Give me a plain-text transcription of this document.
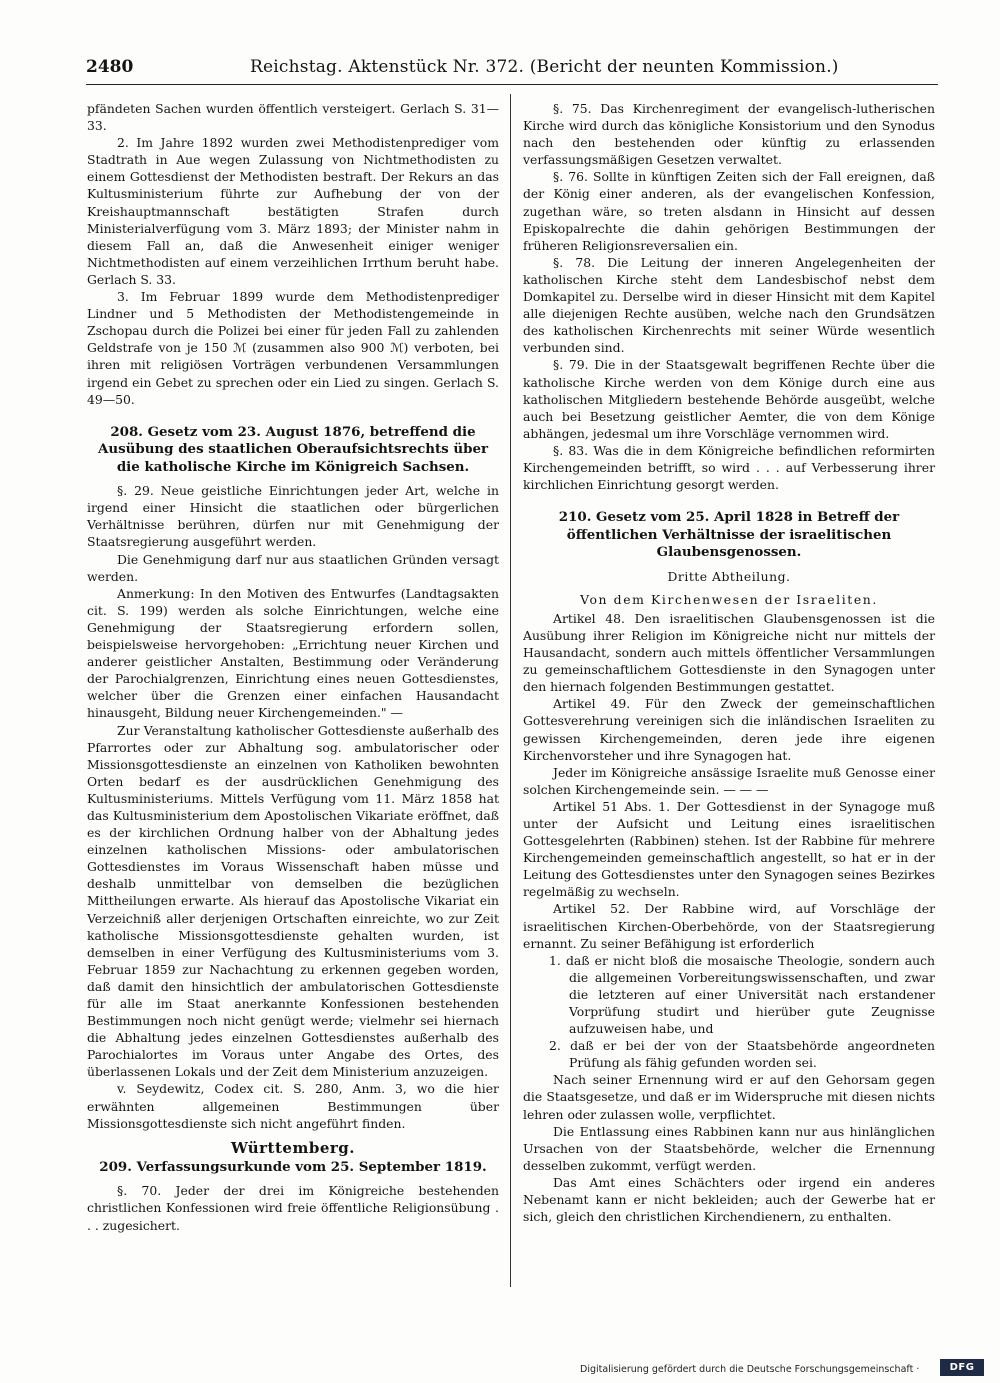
2480	Reichstag. Aktenstück Nr. 372. (Bericht der neunten Kommission.)

pfändeten Sachen wurden öffentlich versteigert. Gerlach S. 31—33.

2. Im Jahre 1892 wurden zwei Methodistenprediger vom Stadtrath in Aue wegen Zulassung von Nichtmethodisten zu einem Gottesdienst der Methodisten bestraft. Der Rekurs an das Kultusministerium führte zur Aufhebung der von der Kreishauptmannschaft bestätigten Strafen durch Ministerialverfügung vom 3. März 1893; der Minister nahm in diesem Fall an, daß die Anwesenheit einiger weniger Nichtmethodisten auf einem verzeihlichen Irrthum beruht habe. Gerlach S. 33.

3. Im Februar 1899 wurde dem Methodistenprediger Lindner und 5 Methodisten der Methodistengemeinde in Zschopau durch die Polizei bei einer für jeden Fall zu zahlenden Geldstrafe von je 150 ℳ (zusammen also 900 ℳ) verboten, bei ihren mit religiösen Vorträgen verbundenen Versammlungen irgend ein Gebet zu sprechen oder ein Lied zu singen. Gerlach S. 49—50.

208. Gesetz vom 23. August 1876, betreffend die Ausübung des staatlichen Oberaufsichtsrechts über die katholische Kirche im Königreich Sachsen.

§. 29. Neue geistliche Einrichtungen jeder Art, welche in irgend einer Hinsicht die staatlichen oder bürgerlichen Verhältnisse berühren, dürfen nur mit Genehmigung der Staatsregierung ausgeführt werden.

Die Genehmigung darf nur aus staatlichen Gründen versagt werden.

Anmerkung: In den Motiven des Entwurfes (Landtagsakten cit. S. 199) werden als solche Einrichtungen, welche eine Genehmigung der Staatsregierung erfordern sollen, beispielsweise hervorgehoben: „Errichtung neuer Kirchen und anderer geistlicher Anstalten, Bestimmung oder Veränderung der Parochialgrenzen, Einrichtung eines neuen Gottesdienstes, welcher über die Grenzen einer einfachen Hausandacht hinausgeht, Bildung neuer Kirchengemeinden." —

Zur Veranstaltung katholischer Gottesdienste außerhalb des Pfarrortes oder zur Abhaltung sog. ambulatorischer oder Missionsgottesdienste an einzelnen von Katholiken bewohnten Orten bedarf es der ausdrücklichen Genehmigung des Kultusministeriums. Mittels Verfügung vom 11. März 1858 hat das Kultusministerium dem Apostolischen Vikariate eröffnet, daß es der kirchlichen Ordnung halber von der Abhaltung jedes einzelnen katholischen Missions- oder ambulatorischen Gottesdienstes im Voraus Wissenschaft haben müsse und deshalb unmittelbar von demselben die bezüglichen Mittheilungen erwarte. Als hierauf das Apostolische Vikariat ein Verzeichniß aller derjenigen Ortschaften einreichte, wo zur Zeit katholische Missionsgottesdienste gehalten wurden, ist demselben in einer Verfügung des Kultusministeriums vom 3. Februar 1859 zur Nachachtung zu erkennen gegeben worden, daß damit den hinsichtlich der ambulatorischen Gottesdienste für alle im Staat anerkannte Konfessionen bestehenden Bestimmungen noch nicht genügt werde; vielmehr sei hiernach die Abhaltung jedes einzelnen Gottesdienstes außerhalb des Parochialortes im Voraus unter Angabe des Ortes, des überlassenen Lokals und der Zeit dem Ministerium anzuzeigen.

v. Seydewitz, Codex cit. S. 280, Anm. 3, wo die hier erwähnten allgemeinen Bestimmungen über Missionsgottesdienste sich nicht angeführt finden.

Württemberg.

209. Verfassungsurkunde vom 25. September 1819.

§. 70. Jeder der drei im Königreiche bestehenden christlichen Konfessionen wird freie öffentliche Religionsübung . . . zugesichert.

§. 75. Das Kirchenregiment der evangelisch-lutherischen Kirche wird durch das königliche Konsistorium und den Synodus nach den bestehenden oder künftig zu erlassenden verfassungsmäßigen Gesetzen verwaltet.

§. 76. Sollte in künftigen Zeiten sich der Fall ereignen, daß der König einer anderen, als der evangelischen Konfession, zugethan wäre, so treten alsdann in Hinsicht auf dessen Episkopalrechte die dahin gehörigen Bestimmungen der früheren Religionsreversalien ein.

§. 78. Die Leitung der inneren Angelegenheiten der katholischen Kirche steht dem Landesbischof nebst dem Domkapitel zu. Derselbe wird in dieser Hinsicht mit dem Kapitel alle diejenigen Rechte ausüben, welche nach den Grundsätzen des katholischen Kirchenrechts mit seiner Würde wesentlich verbunden sind.

§. 79. Die in der Staatsgewalt begriffenen Rechte über die katholische Kirche werden von dem Könige durch eine aus katholischen Mitgliedern bestehende Behörde ausgeübt, welche auch bei Besetzung geistlicher Aemter, die von dem Könige abhängen, jedesmal um ihre Vorschläge vernommen wird.

§. 83. Was die in dem Königreiche befindlichen reformirten Kirchengemeinden betrifft, so wird . . . auf Verbesserung ihrer kirchlichen Einrichtung gesorgt werden.

210. Gesetz vom 25. April 1828 in Betreff der öffentlichen Verhältnisse der israelitischen Glaubensgenossen.

Dritte Abtheilung.

Von dem Kirchenwesen der Israeliten.

Artikel 48. Den israelitischen Glaubensgenossen ist die Ausübung ihrer Religion im Königreiche nicht nur mittels der Hausandacht, sondern auch mittels öffentlicher Versammlungen zu gemeinschaftlichem Gottesdienste in den Synagogen unter den hiernach folgenden Bestimmungen gestattet.

Artikel 49. Für den Zweck der gemeinschaftlichen Gottesverehrung vereinigen sich die inländischen Israeliten zu gewissen Kirchengemeinden, deren jede ihre eigenen Kirchenvorsteher und ihre Synagogen hat.

Jeder im Königreiche ansässige Israelite muß Genosse einer solchen Kirchengemeinde sein. — — —

Artikel 51 Abs. 1. Der Gottesdienst in der Synagoge muß unter der Aufsicht und Leitung eines israelitischen Gottesgelehrten (Rabbinen) stehen. Ist der Rabbine für mehrere Kirchengemeinden gemeinschaftlich angestellt, so hat er in der Leitung des Gottesdienstes unter den Synagogen seines Bezirkes regelmäßig zu wechseln.

Artikel 52. Der Rabbine wird, auf Vorschläge der israelitischen Kirchen-Oberbehörde, von der Staatsregierung ernannt. Zu seiner Befähigung ist erforderlich

1. daß er nicht bloß die mosaische Theologie, sondern auch die allgemeinen Vorbereitungswissenschaften, und zwar die letzteren auf einer Universität nach erstandener Vorprüfung studirt und hierüber gute Zeugnisse aufzuweisen habe, und

2. daß er bei der von der Staatsbehörde angeordneten Prüfung als fähig gefunden worden sei.

Nach seiner Ernennung wird er auf den Gehorsam gegen die Staatsgesetze, und daß er im Widerspruche mit diesen nichts lehren oder zulassen wolle, verpflichtet.

Die Entlassung eines Rabbinen kann nur aus hinlänglichen Ursachen von der Staatsbehörde, welcher die Ernennung desselben zukommt, verfügt werden.

Das Amt eines Schächters oder irgend ein anderes Nebenamt kann er nicht bekleiden; auch der Gewerbe hat er sich, gleich den christlichen Kirchendienern, zu enthalten.

Digitalisierung gefördert durch die Deutsche Forschungsgemeinschaft ·	DFG
